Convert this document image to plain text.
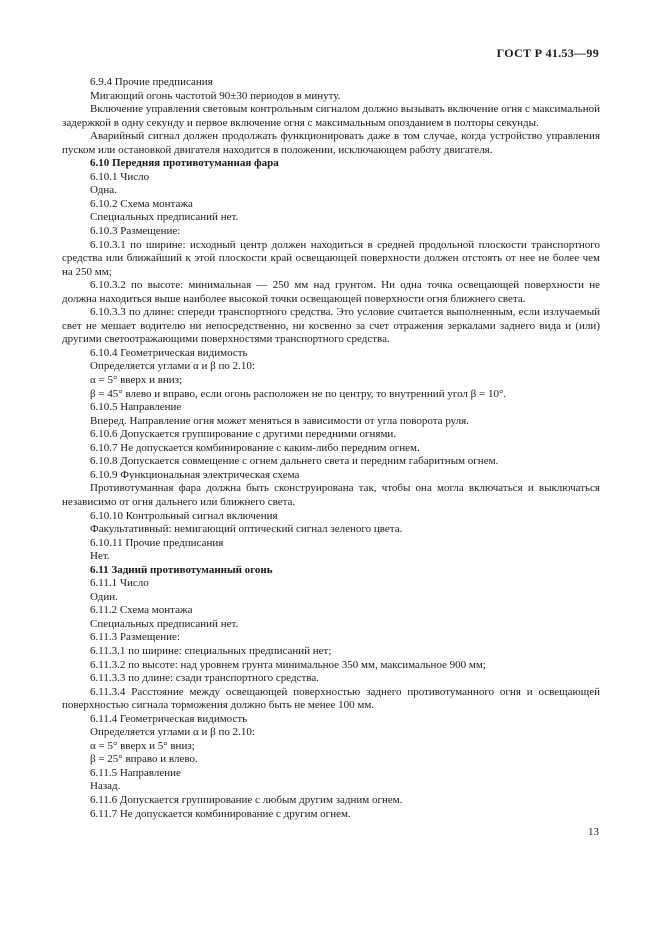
ГОСТ Р 41.53—99

6.9.4 Прочие предписания

Мигающий огонь частотой 90±30 периодов в минуту.

Включение управления световым контрольным сигналом должно вызывать включение огня с максимальной задержкой в одну секунду и первое включение огня с максимальным опозданием в полторы секунды.

Аварийный сигнал должен продолжать функционировать даже в том случае, когда устройство управления пуском или остановкой двигателя находится в положении, исключающем работу двигателя.

6.10 Передняя противотуманная фара

6.10.1 Число

Одна.

6.10.2 Схема монтажа

Специальных предписаний нет.

6.10.3 Размещение:

6.10.3.1 по ширине: исходный центр должен находиться в средней продольной плоскости транспортного средства или ближайший к этой плоскости край освещающей поверхности должен отстоять от нее не более чем на 250 мм;

6.10.3.2 по высоте: минимальная — 250 мм над грунтом. Ни одна точка освещающей поверхности не должна находиться выше наиболее высокой точки освещающей поверхности огня ближнего света.

6.10.3.3 по длине: спереди транспортного средства. Это условие считается выполненным, если излучаемый свет не мешает водителю ни непосредственно, ни косвенно за счет отражения зеркалами заднего вида и (или) другими светоотражающими поверхностями транспортного средства.

6.10.4 Геометрическая видимость

Определяется углами α и β по 2.10:

α = 5° вверх и вниз;

β = 45° влево и вправо, если огонь расположен не по центру, то внутренний угол β = 10°.

6.10.5 Направление

Вперед. Направление огня может меняться в зависимости от угла поворота руля.

6.10.6 Допускается группирование с другими передними огнями.

6.10.7 Не допускается комбинирование с каким-либо передним огнем.

6.10.8 Допускается совмещение с огнем дальнего света и передним габаритным огнем.

6.10.9 Функциональная электрическая схема

Противотуманная фара должна быть сконструирована так, чтобы она могла включаться и выключаться независимо от огня дальнего или ближнего света.

6.10.10 Контрольный сигнал включения

Факультативный: немигающий оптический сигнал зеленого цвета.

6.10.11 Прочие предписания

Нет.

6.11 Задний противотуманный огонь

6.11.1 Число

Один.

6.11.2 Схема монтажа

Специальных предписаний нет.

6.11.3 Размещение:

6.11.3.1 по ширине: специальных предписаний нет;

6.11.3.2 по высоте: над уровнем грунта минимальное 350 мм, максимальное 900 мм;

6.11.3.3 по длине: сзади транспортного средства.

6.11.3.4 Расстояние между освещающей поверхностью заднего противотуманного огня и освещающей поверхностью сигнала торможения должно быть не менее 100 мм.

6.11.4 Геометрическая видимость

Определяется углами α и β по 2.10:

α = 5° вверх и 5° вниз;

β = 25° вправо и влево.

6.11.5 Направление

Назад.

6.11.6 Допускается группирование с любым другим задним огнем.

6.11.7 Не допускается комбинирование с другим огнем.

13
